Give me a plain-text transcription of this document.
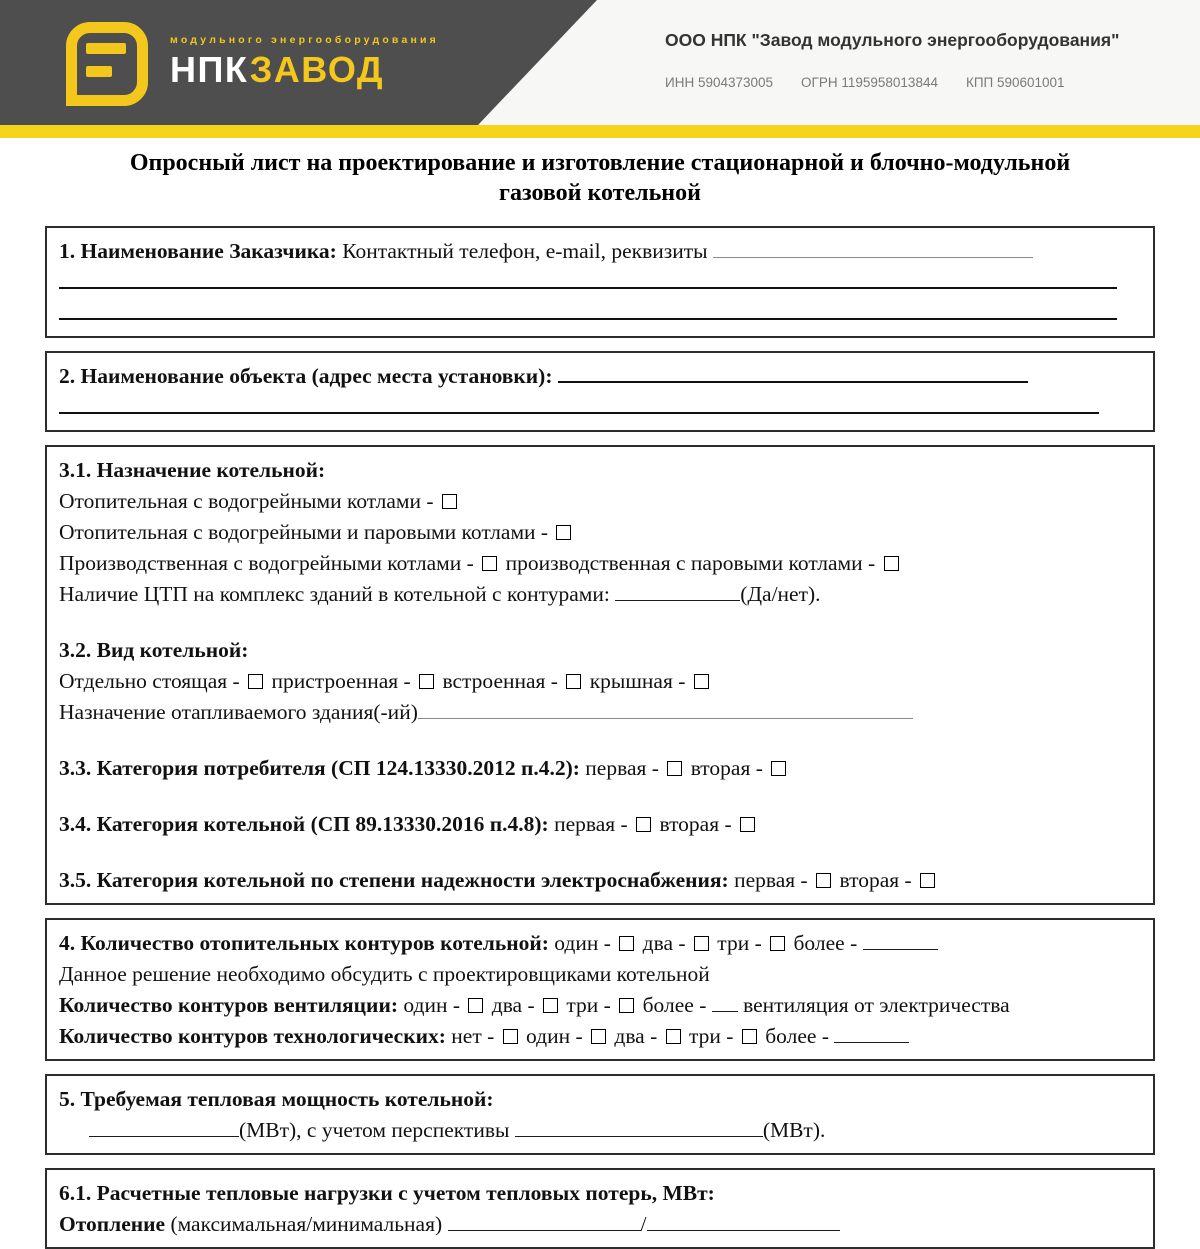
модульного энергооборудования
НПКЗАВОД
ООО НПК "Завод модульного энергооборудования"
ИНН 5904373005 ОГРН 1195958013844 КПП 590601001
Опросный лист на проектирование и изготовление стационарной и блочно-модульной газовой котельной
1. Наименование Заказчика: Контактный телефон, e-mail, реквизиты
2. Наименование объекта (адрес места установки):
3.1. Назначение котельной:
Отопительная с водогрейными котлами -
Отопительная с водогрейными и паровыми котлами -
Производственная с водогрейными котлами -  производственная с паровыми котлами -
Наличие ЦТП на комплекс зданий в котельной с контурами:	(Да/нет).
3.2. Вид котельной:
Отдельно стоящая -  пристроенная -  встроенная -  крышная -
Назначение отапливаемого здания(-ий)
3.3. Категория потребителя (СП 124.13330.2012 п.4.2): первая -  вторая -
3.4. Категория котельной (СП 89.13330.2016 п.4.8): первая -  вторая -
3.5. Категория котельной по степени надежности электроснабжения: первая -  вторая -
4. Количество отопительных контуров котельной: один -  два -  три -  более -
Данное решение необходимо обсудить с проектировщиками котельной
Количество контуров вентиляции: один -  два -  три -  более -  вентиляция от электричества
Количество контуров технологических: нет -  один -  два -  три -  более -
5. Требуемая тепловая мощность котельной:
(МВт), с учетом перспективы	(МВт).
6.1. Расчетные тепловые нагрузки с учетом тепловых потерь, МВт:
Отопление (максимальная/минимальная)	/
